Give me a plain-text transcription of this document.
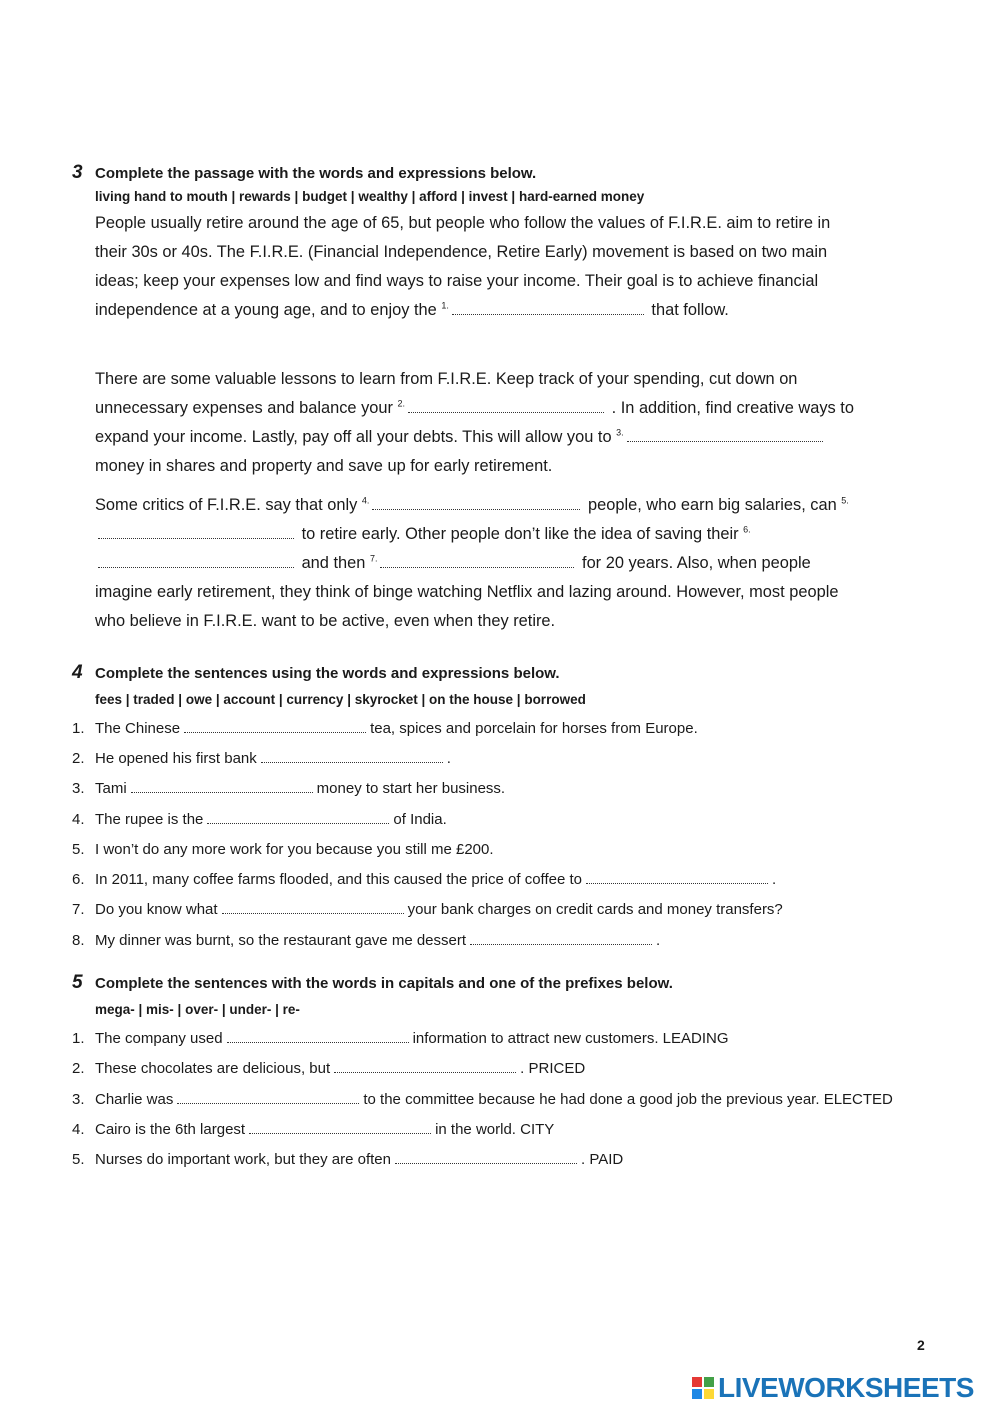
3 Complete the passage with the words and expressions below.
living hand to mouth | rewards | budget | wealthy | afford | invest | hard-earned money

People usually retire around the age of 65, but people who follow the values of F.I.R.E. aim to retire in their 30s or 40s. The F.I.R.E. (Financial Independence, Retire Early) movement is based on two main ideas; keep your expenses low and find ways to raise your income. Their goal is to achieve financial independence at a young age, and to enjoy the $^{1.}$	that follow.

There are some valuable lessons to learn from F.I.R.E. Keep track of your spending, cut down on unnecessary expenses and balance your $^{2.}$	. In addition, find creative ways to expand your income. Lastly, pay off all your debts. This will allow you to $^{3.}$ money in shares and property and save up for early retirement.

Some critics of F.I.R.E. say that only $^{4.}$	people, who earn big salaries, can $^{5.}$ to retire early. Other people don’t like the idea of saving their $^{6.}$ and then $^{7.}$	for 20 years. Also, when people imagine early retirement, they think of binge watching Netflix and lazing around. However, most people who believe in F.I.R.E. want to be active, even when they retire.

4 Complete the sentences using the words and expressions below.
fees | traded | owe | account | currency | skyrocket | on the house | borrowed
1. The Chinese	tea, spices and porcelain for horses from Europe.
2. He opened his first bank	.
3. Tami	money to start her business.
4. The rupee is the	of India.
5. I won’t do any more work for you because you still me £200.
6. In 2011, many coffee farms flooded, and this caused the price of coffee to	.
7. Do you know what	your bank charges on credit cards and money transfers?
8. My dinner was burnt, so the restaurant gave me dessert	.
5 Complete the sentences with the words in capitals and one of the prefixes below.
mega- | mis- | over- | under- | re-
1. The company used	information to attract new customers. LEADING
2. These chocolates are delicious, but	. PRICED
3. Charlie was	to the committee because he had done a good job the previous year. ELECTED
4. Cairo is the 6th largest	in the world. CITY
5. Nurses do important work, but they are often	. PAID
2
LIVEWORKSHEETS
